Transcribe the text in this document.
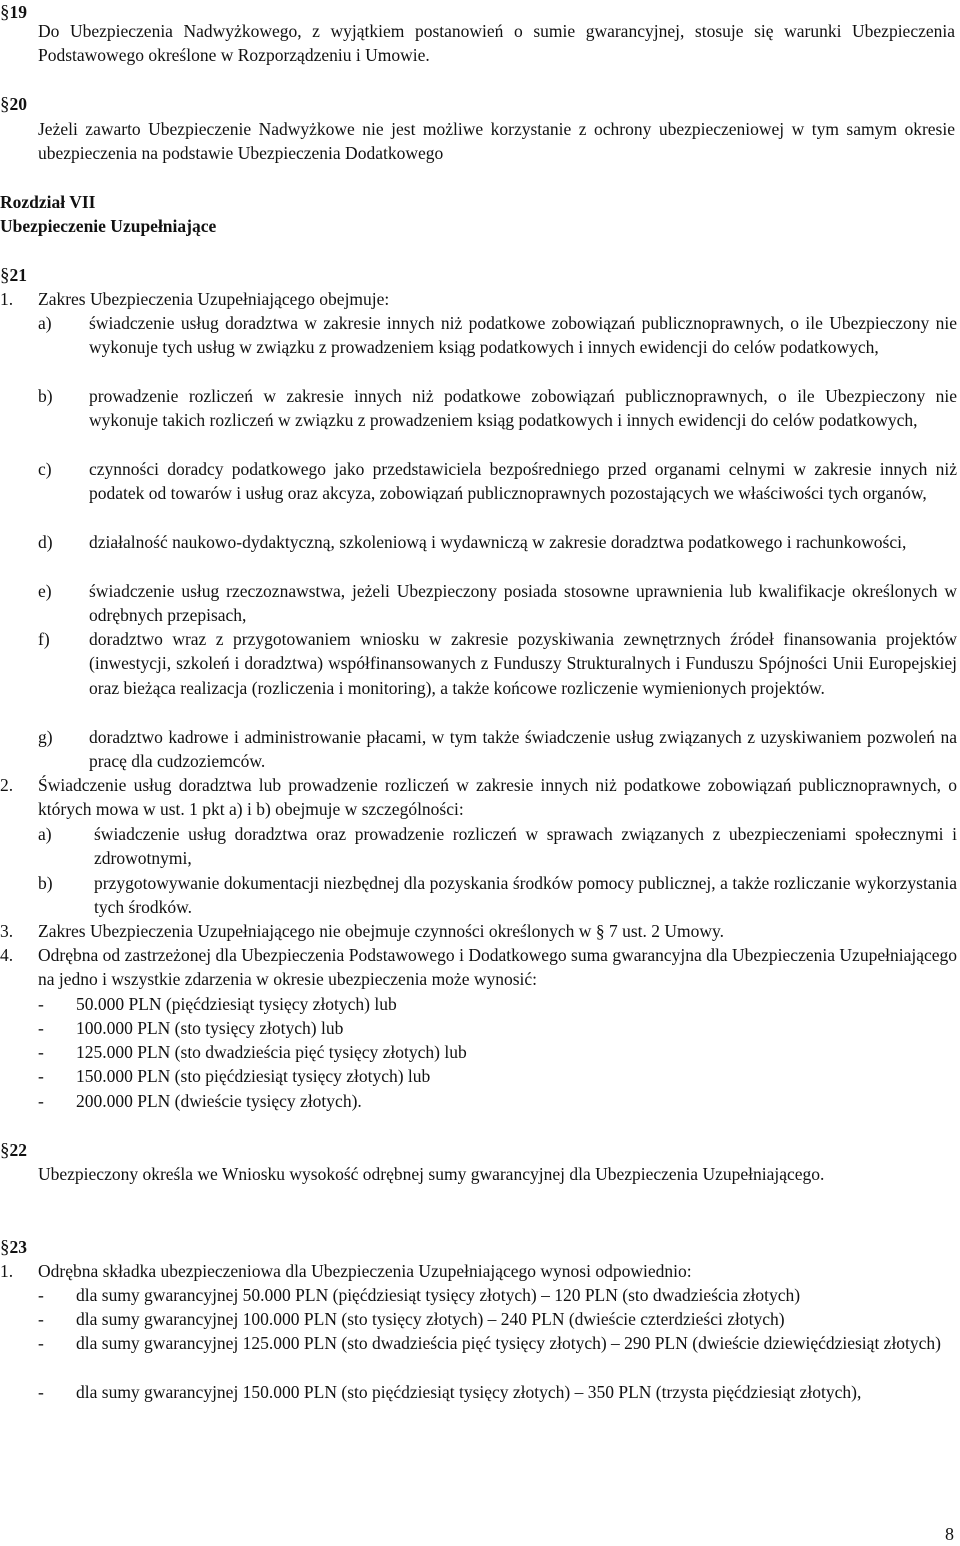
§19
Do Ubezpieczenia Nadwyżkowego, z wyjątkiem postanowień o sumie gwarancyjnej, stosuje się warunki Ubezpieczenia Podstawowego określone w Rozporządzeniu i Umowie.
§20
Jeżeli zawarto Ubezpieczenie Nadwyżkowe nie jest możliwe korzystanie z ochrony ubezpieczeniowej w tym samym okresie ubezpieczenia na podstawie Ubezpieczenia Dodatkowego
Rozdział VII
Ubezpieczenie Uzupełniające
§21
1. Zakres Ubezpieczenia Uzupełniającego obejmuje:
a) świadczenie usług doradztwa w zakresie innych niż podatkowe zobowiązań publicznoprawnych, o ile Ubezpieczony nie wykonuje tych usług w związku z prowadzeniem ksiąg podatkowych i innych ewidencji do celów podatkowych,
b) prowadzenie rozliczeń w zakresie innych niż podatkowe zobowiązań publicznoprawnych, o ile Ubezpieczony nie wykonuje takich rozliczeń w związku z prowadzeniem ksiąg podatkowych i innych ewidencji do celów podatkowych,
c) czynności doradcy podatkowego jako przedstawiciela bezpośredniego przed organami celnymi w zakresie innych niż podatek od towarów i usług oraz akcyza, zobowiązań publicznoprawnych pozostających we właściwości tych organów,
d) działalność naukowo-dydaktyczną, szkoleniową i wydawniczą w zakresie doradztwa podatkowego i rachunkowości,
e) świadczenie usług rzeczoznawstwa, jeżeli Ubezpieczony posiada stosowne uprawnienia lub kwalifikacje określonych w odrębnych przepisach,
f) doradztwo wraz z przygotowaniem wniosku w zakresie pozyskiwania zewnętrznych źródeł finansowania projektów (inwestycji, szkoleń i doradztwa) współfinansowanych z Funduszy Strukturalnych i Funduszu Spójności Unii Europejskiej oraz bieżąca realizacja (rozliczenia i monitoring), a także końcowe rozliczenie wymienionych projektów.
g) doradztwo kadrowe i administrowanie płacami, w tym także świadczenie usług związanych z uzyskiwaniem pozwoleń na pracę dla cudzoziemców.
2. Świadczenie usług doradztwa lub prowadzenie rozliczeń w zakresie innych niż podatkowe zobowiązań publicznoprawnych, o których mowa w ust. 1 pkt a) i b) obejmuje w szczególności:
a) świadczenie usług doradztwa oraz prowadzenie rozliczeń w sprawach związanych z ubezpieczeniami społecznymi i zdrowotnymi,
b) przygotowywanie dokumentacji niezbędnej dla pozyskania środków pomocy publicznej, a także rozliczanie wykorzystania tych środków.
3. Zakres Ubezpieczenia Uzupełniającego nie obejmuje czynności określonych w § 7 ust. 2 Umowy.
4. Odrębna od zastrzeżonej dla Ubezpieczenia Podstawowego i Dodatkowego suma gwarancyjna dla Ubezpieczenia Uzupełniającego na jedno i wszystkie zdarzenia w okresie ubezpieczenia może wynosić:
- 50.000 PLN (pięćdziesiąt tysięcy złotych) lub
- 100.000 PLN (sto tysięcy złotych) lub
- 125.000 PLN (sto dwadzieścia pięć tysięcy złotych) lub
- 150.000 PLN (sto pięćdziesiąt tysięcy złotych) lub
- 200.000 PLN (dwieście tysięcy złotych).
§22
Ubezpieczony określa we Wniosku wysokość odrębnej sumy gwarancyjnej dla Ubezpieczenia Uzupełniającego.
§23
1. Odrębna składka ubezpieczeniowa dla Ubezpieczenia Uzupełniającego wynosi odpowiednio:
- dla sumy gwarancyjnej 50.000 PLN (pięćdziesiąt tysięcy złotych) – 120 PLN (sto dwadzieścia złotych)
- dla sumy gwarancyjnej 100.000 PLN (sto tysięcy złotych) – 240 PLN (dwieście czterdzieści złotych)
- dla sumy gwarancyjnej 125.000 PLN (sto dwadzieścia pięć tysięcy złotych) – 290 PLN (dwieście dziewięćdziesiąt złotych)
- dla sumy gwarancyjnej 150.000 PLN (sto pięćdziesiąt tysięcy złotych) – 350 PLN (trzysta pięćdziesiąt złotych),
8
